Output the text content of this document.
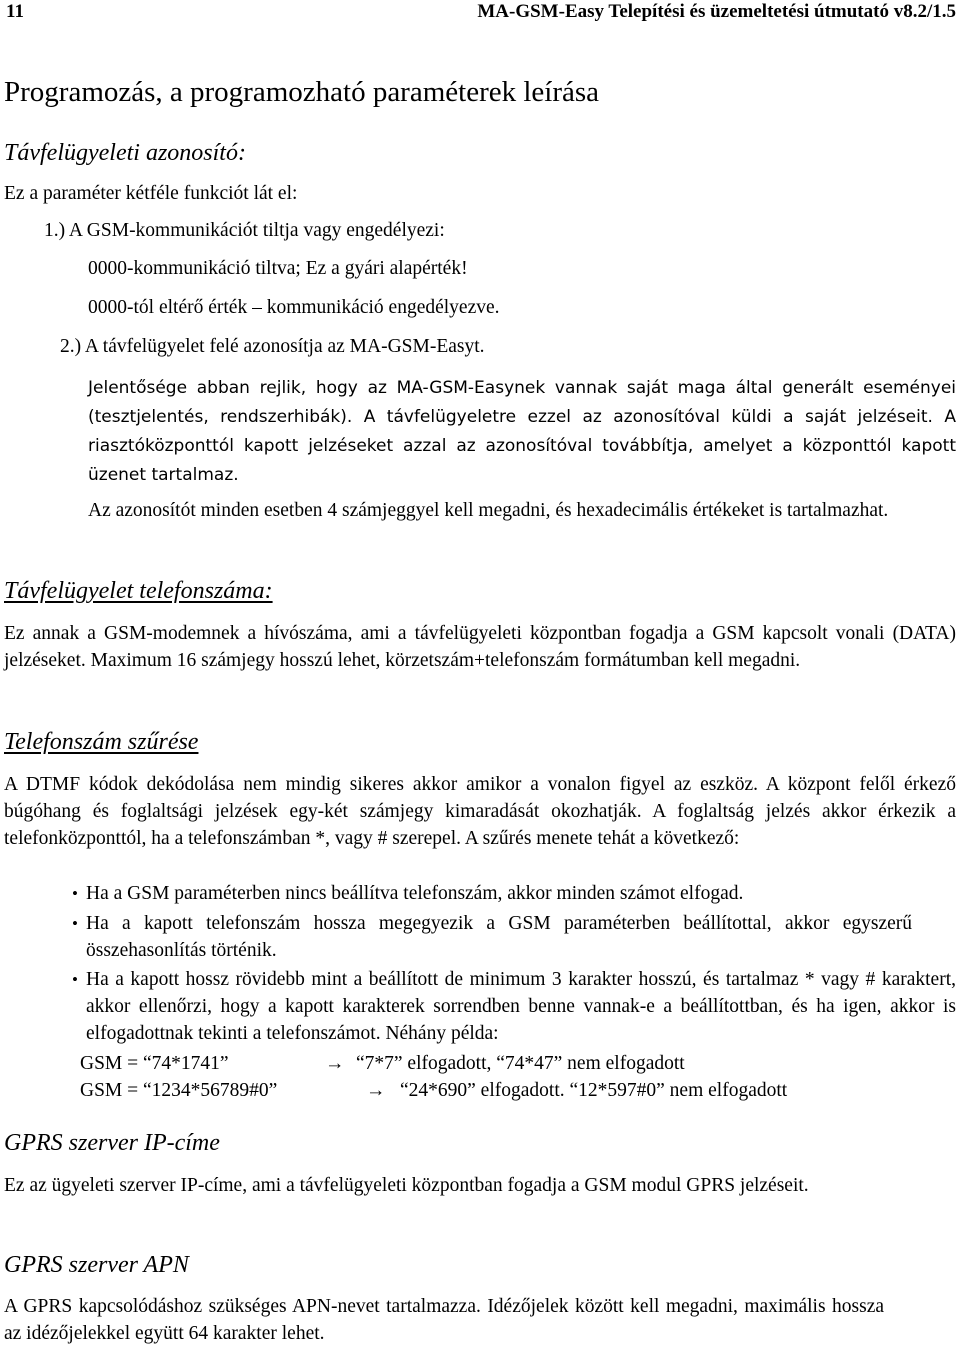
11	MA-GSM-Easy Telepítési és üzemeltetési útmutató v8.2/1.5
Programozás, a programozható paraméterek leírása
Távfelügyeleti azonosító:
Ez a paraméter kétféle funkciót lát el:
1.) A GSM-kommunikációt tiltja vagy engedélyezi:
0000-kommunikáció tiltva; Ez a gyári alapérték!
0000-tól eltérő érték – kommunikáció engedélyezve.
2.) A távfelügyelet felé azonosítja az MA-GSM-Easyt.
Jelentősége abban rejlik, hogy az MA-GSM-Easynek vannak saját maga által generált eseményei (tesztjelentés, rendszerhibák). A távfelügyeletre ezzel az azonosítóval küldi a saját jelzéseit. A riasztóközponttól kapott jelzéseket azzal az azonosítóval továbbítja, amelyet a központtól kapott üzenet tartalmaz.
Az azonosítót minden esetben 4 számjeggyel kell megadni, és hexadecimális értékeket is tartalmazhat.
Távfelügyelet telefonszáma:
Ez annak a GSM-modemnek a hívószáma, ami a távfelügyeleti központban fogadja a GSM kapcsolt vonali (DATA) jelzéseket. Maximum 16 számjegy hosszú lehet, körzetszám+telefonszám formátumban kell megadni.
Telefonszám szűrése
A DTMF kódok dekódolása nem mindig sikeres akkor amikor a vonalon figyel az eszköz. A központ felől érkező búgóhang és foglaltsági jelzések egy-két számjegy kimaradását okozhatják. A foglaltság jelzés akkor érkezik a telefonközponttól, ha a telefonszámban *, vagy # szerepel. A szűrés menete tehát a következő:
• Ha a GSM paraméterben nincs beállítva telefonszám, akkor minden számot elfogad.
• Ha a kapott telefonszám hossza megegyezik a GSM paraméterben beállítottal, akkor egyszerű összehasonlítás történik.
• Ha a kapott hossz rövidebb mint a beállított de minimum 3 karakter hosszú, és tartalmaz * vagy # karaktert, akkor ellenőrzi, hogy a kapott karakterek sorrendben benne vannak-e a beállítottban, és ha igen, akkor is elfogadottnak tekinti a telefonszámot. Néhány példa:
GSM = “74*1741”	→ “7*7” elfogadott, “74*47” nem elfogadott
GSM = “1234*56789#0”	→ “24*690” elfogadott. “12*597#0” nem elfogadott
GPRS szerver IP-címe
Ez az ügyeleti szerver IP-címe, ami a távfelügyeleti központban fogadja a GSM modul GPRS jelzéseit.
GPRS szerver APN
A GPRS kapcsolódáshoz szükséges APN-nevet tartalmazza. Idézőjelek között kell megadni, maximális hossza az idézőjelekkel együtt 64 karakter lehet.
